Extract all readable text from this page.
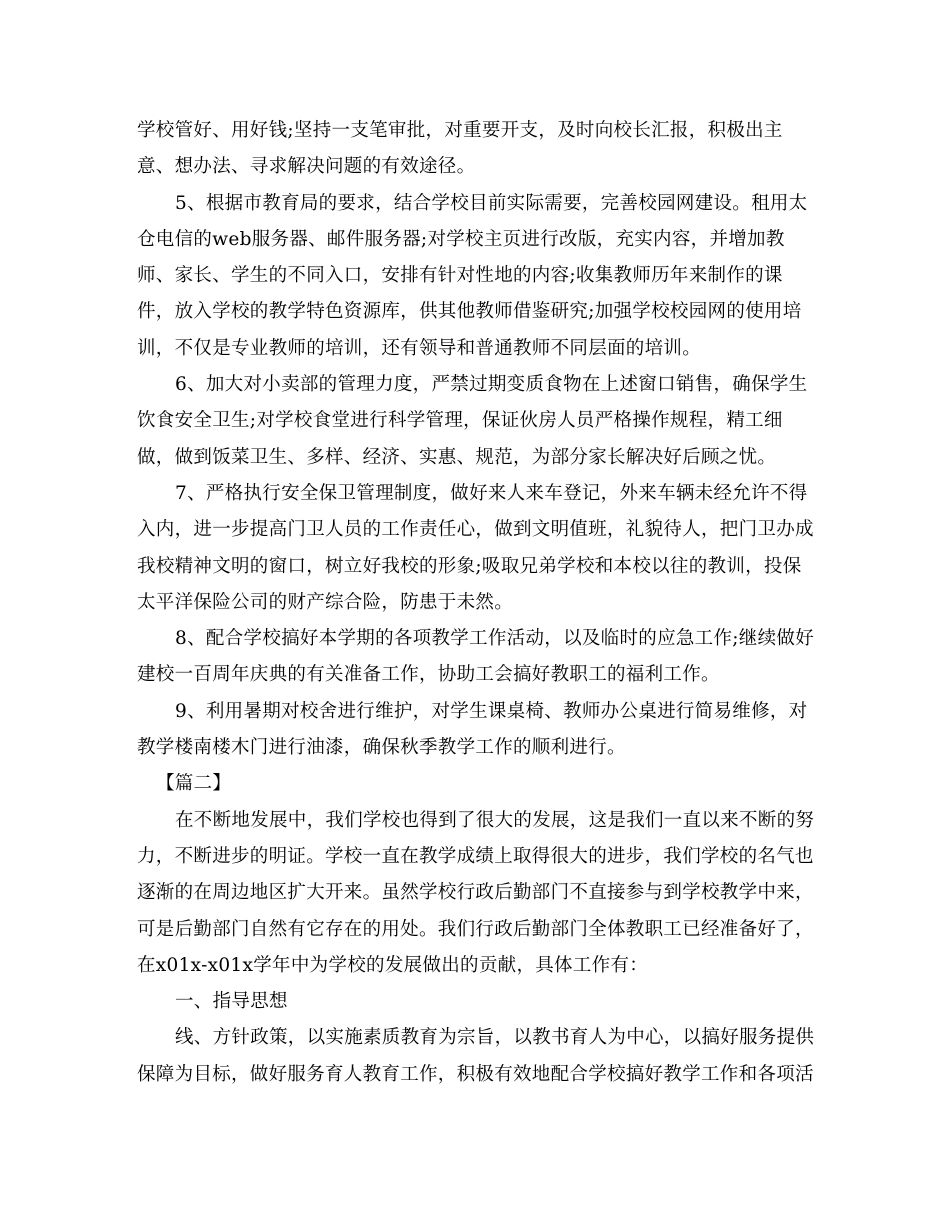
学校管好、用好钱;坚持一支笔审批，对重要开支，及时向校长汇报，积极出主
意、想办法、寻求解决问题的有效途径。
5、根据市教育局的要求，结合学校目前实际需要，完善校园网建设。租用太
仓电信的web服务器、邮件服务器;对学校主页进行改版，充实内容，并增加教
师、家长、学生的不同入口，安排有针对性地的内容;收集教师历年来制作的课
件，放入学校的教学特色资源库，供其他教师借鉴研究;加强学校校园网的使用培
训，不仅是专业教师的培训，还有领导和普通教师不同层面的培训。
6、加大对小卖部的管理力度，严禁过期变质食物在上述窗口销售，确保学生
饮食安全卫生;对学校食堂进行科学管理，保证伙房人员严格操作规程，精工细
做，做到饭菜卫生、多样、经济、实惠、规范，为部分家长解决好后顾之忧。
7、严格执行安全保卫管理制度，做好来人来车登记，外来车辆未经允许不得
入内，进一步提高门卫人员的工作责任心，做到文明值班，礼貌待人，把门卫办成
我校精神文明的窗口，树立好我校的形象;吸取兄弟学校和本校以往的教训，投保
太平洋保险公司的财产综合险，防患于未然。
8、配合学校搞好本学期的各项教学工作活动，以及临时的应急工作;继续做好
建校一百周年庆典的有关准备工作，协助工会搞好教职工的福利工作。
9、利用暑期对校舍进行维护，对学生课桌椅、教师办公桌进行简易维修，对
教学楼南楼木门进行油漆，确保秋季教学工作的顺利进行。
【篇二】
在不断地发展中，我们学校也得到了很大的发展，这是我们一直以来不断的努
力，不断进步的明证。学校一直在教学成绩上取得很大的进步，我们学校的名气也
逐渐的在周边地区扩大开来。虽然学校行政后勤部门不直接参与到学校教学中来，
可是后勤部门自然有它存在的用处。我们行政后勤部门全体教职工已经准备好了，
在x01x-x01x学年中为学校的发展做出的贡献，具体工作有：
一、指导思想
线、方针政策，以实施素质教育为宗旨，以教书育人为中心，以搞好服务提供
保障为目标，做好服务育人教育工作，积极有效地配合学校搞好教学工作和各项活
